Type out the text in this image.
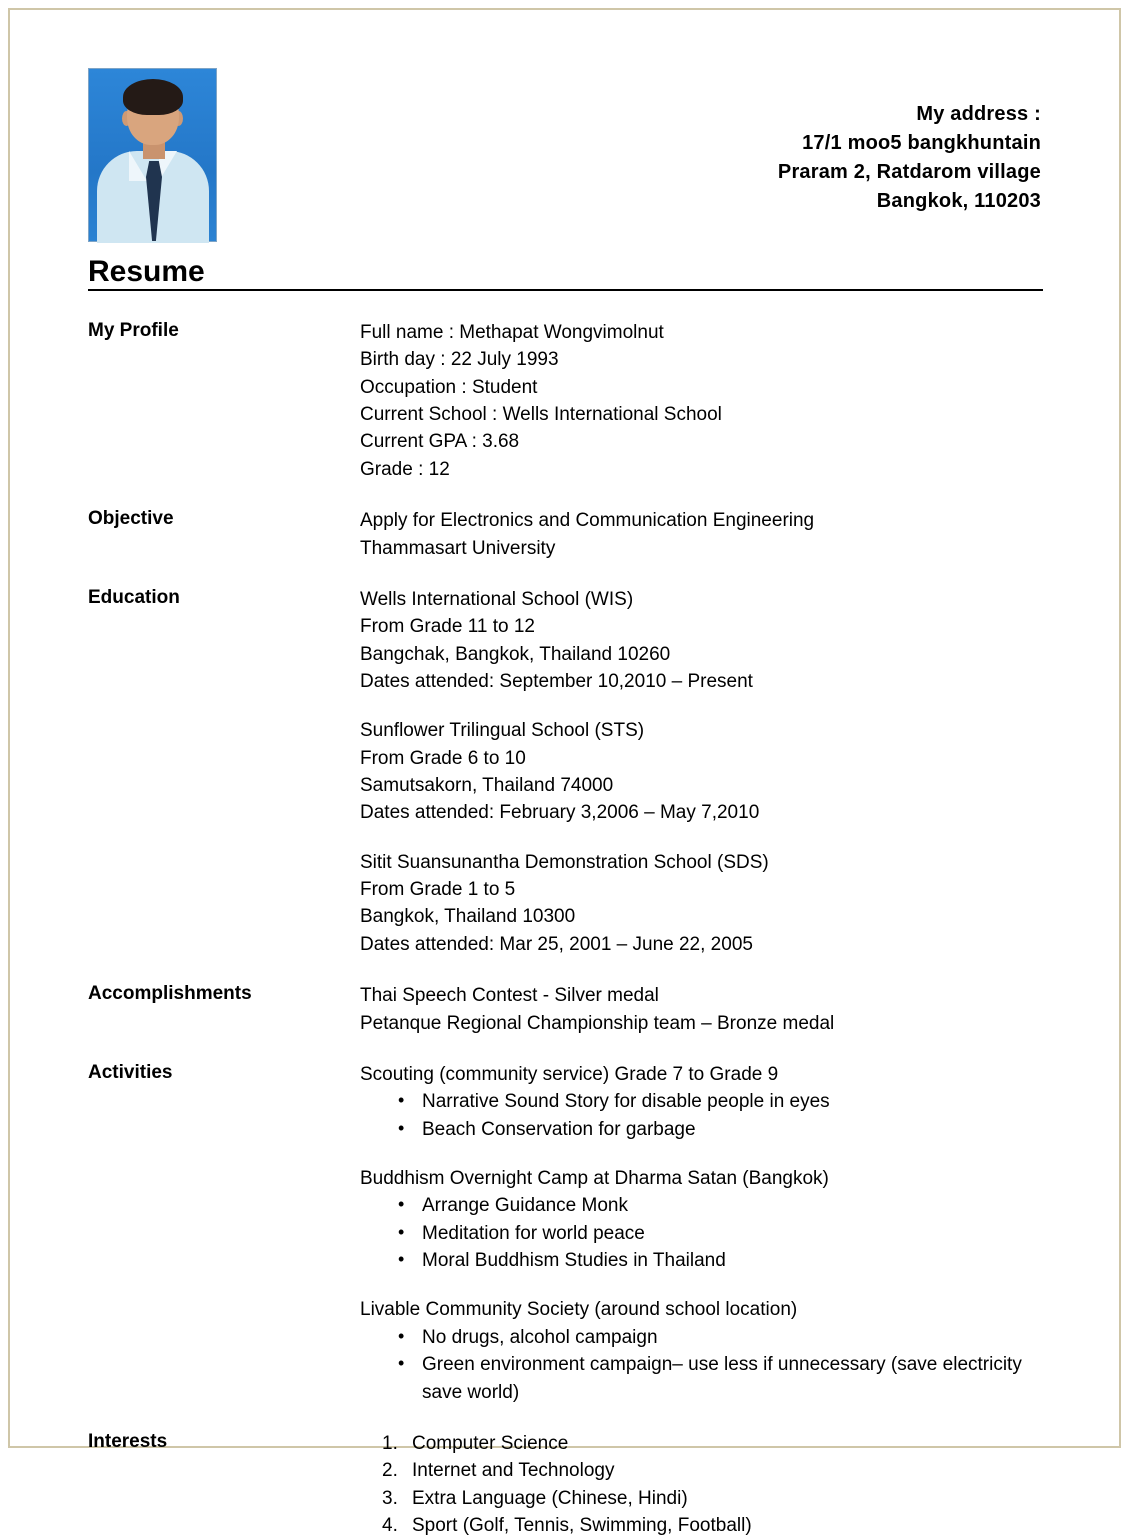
My address :
17/1 moo5 bangkhuntain
Praram 2, Ratdarom village
Bangkok, 110203
Resume
My Profile	Full name : Methapat Wongvimolnut
Birth day : 22 July 1993
Occupation : Student
Current School : Wells International School
Current GPA : 3.68
Grade : 12
Objective	Apply for Electronics and Communication Engineering
Thammasart University
Education	Wells International School (WIS)
From Grade 11 to 12
Bangchak, Bangkok, Thailand 10260
Dates attended: September 10,2010 – Present
Sunflower Trilingual School (STS)
From Grade 6 to 10
Samutsakorn, Thailand 74000
Dates attended: February 3,2006 – May 7,2010
Sitit Suansunantha Demonstration School (SDS)
From Grade 1 to 5
Bangkok, Thailand 10300
Dates attended: Mar 25, 2001 – June 22, 2005
Accomplishments	Thai Speech Contest - Silver medal
Petanque Regional Championship team – Bronze medal
Activities	Scouting (community service) Grade 7 to Grade 9
• Narrative Sound Story for disable people in eyes
• Beach Conservation for garbage
Buddhism Overnight Camp at Dharma Satan (Bangkok)
• Arrange Guidance Monk
• Meditation for world peace
• Moral Buddhism Studies in Thailand
Livable Community Society (around school location)
• No drugs, alcohol campaign
• Green environment campaign– use less if unnecessary (save electricity save world)
Interests	Computer Science
Internet and Technology
Extra Language (Chinese, Hindi)
Sport (Golf, Tennis, Swimming, Football)
